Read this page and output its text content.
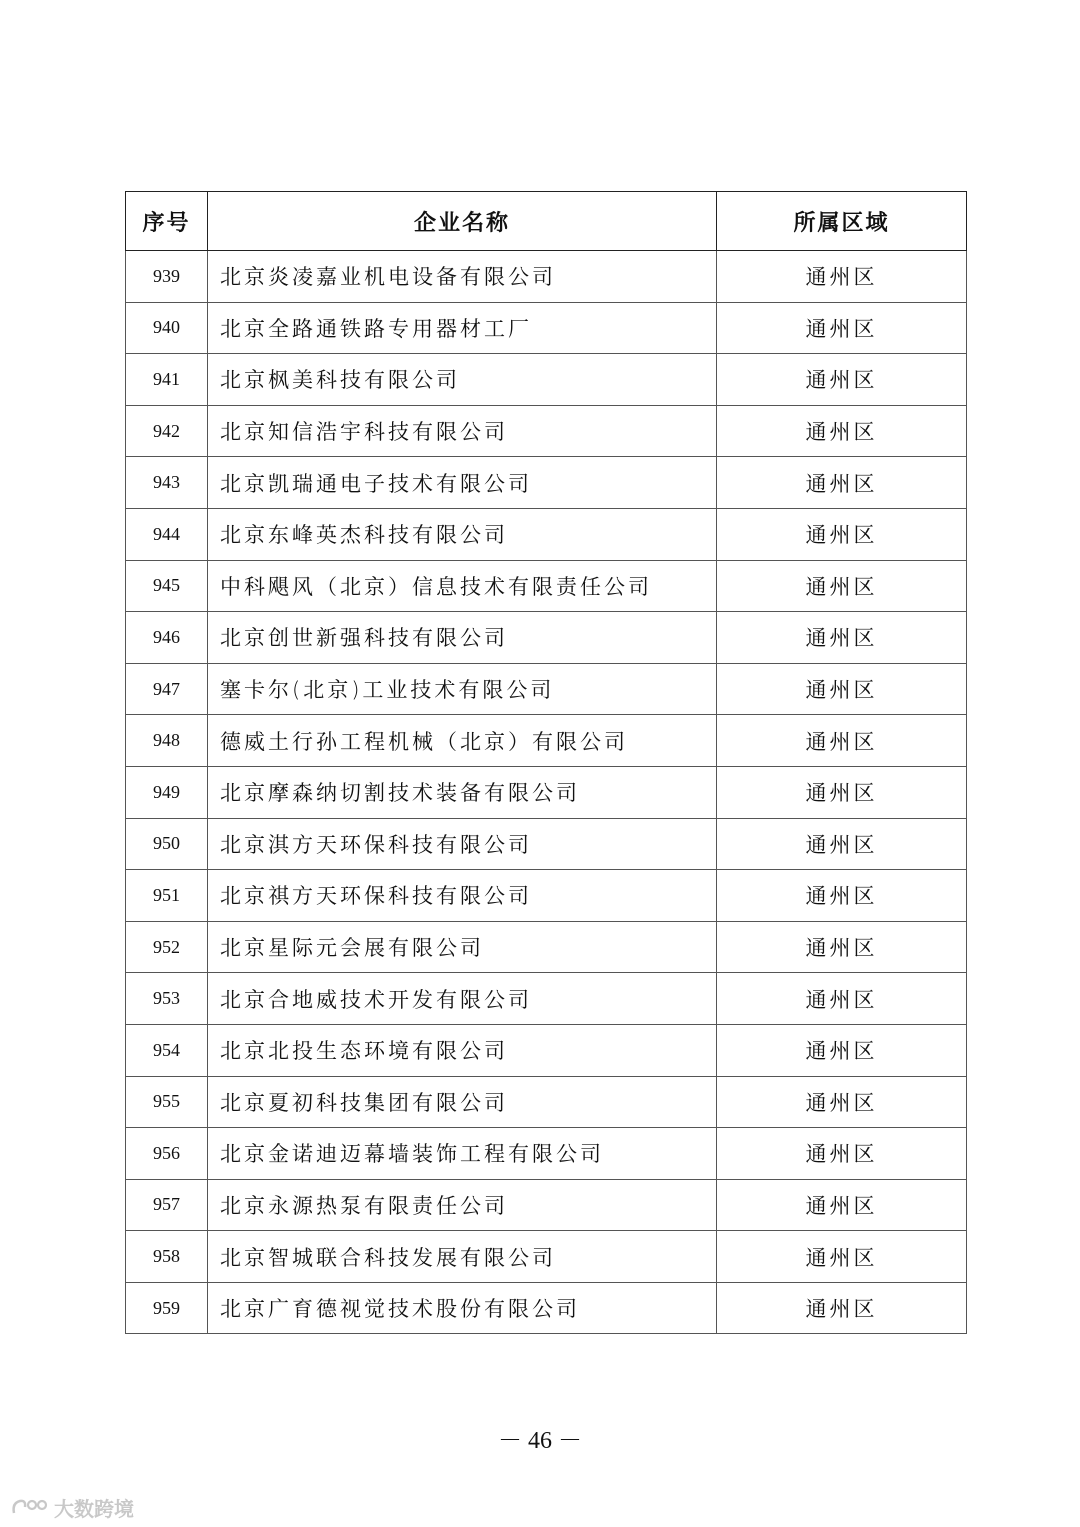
序号	企业名称	所属区域
939	北京炎凌嘉业机电设备有限公司	通州区
940	北京全路通铁路专用器材工厂	通州区
941	北京枫美科技有限公司	通州区
942	北京知信浩宇科技有限公司	通州区
943	北京凯瑞通电子技术有限公司	通州区
944	北京东峰英杰科技有限公司	通州区
945	中科飓风（北京）信息技术有限责任公司	通州区
946	北京创世新强科技有限公司	通州区
947	塞卡尔(北京)工业技术有限公司	通州区
948	德威土行孙工程机械（北京）有限公司	通州区
949	北京摩森纳切割技术装备有限公司	通州区
950	北京淇方天环保科技有限公司	通州区
951	北京祺方天环保科技有限公司	通州区
952	北京星际元会展有限公司	通州区
953	北京合地威技术开发有限公司	通州区
954	北京北投生态环境有限公司	通州区
955	北京夏初科技集团有限公司	通州区
956	北京金诺迪迈幕墙装饰工程有限公司	通州区
957	北京永源热泵有限责任公司	通州区
958	北京智城联合科技发展有限公司	通州区
959	北京广育德视觉技术股份有限公司	通州区
－ 46 －
大数跨境
